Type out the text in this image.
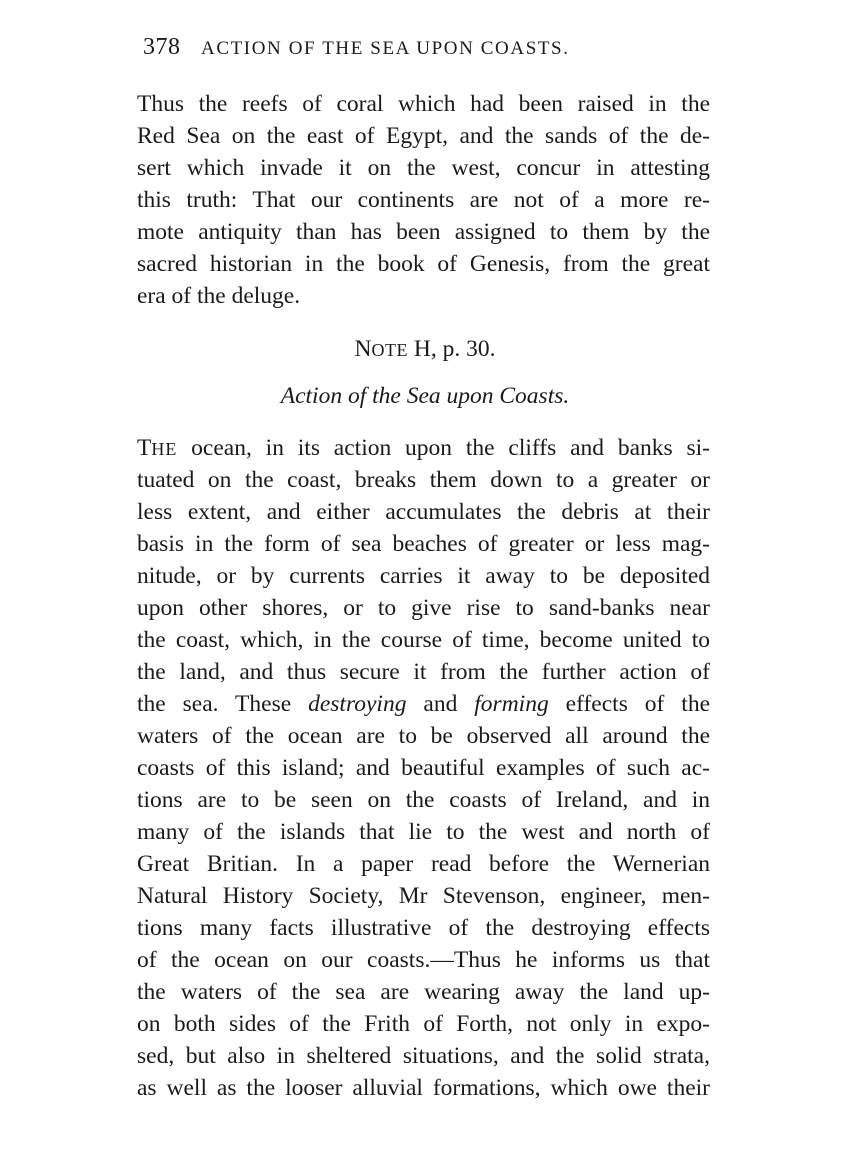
378 ACTION OF THE SEA UPON COASTS.
Thus the reefs of coral which had been raised in the
Red Sea on the east of Egypt, and the sands of the de-
sert which invade it on the west, concur in attesting
this truth: That our continents are not of a more re-
mote antiquity than has been assigned to them by the
sacred historian in the book of Genesis, from the great
era of the deluge.
NOTE H, p. 30.
Action of the Sea upon Coasts.
THE ocean, in its action upon the cliffs and banks si-
tuated on the coast, breaks them down to a greater or
less extent, and either accumulates the debris at their
basis in the form of sea beaches of greater or less mag-
nitude, or by currents carries it away to be deposited
upon other shores, or to give rise to sand-banks near
the coast, which, in the course of time, become united to
the land, and thus secure it from the further action of
the sea. These destroying and forming effects of the
waters of the ocean are to be observed all around the
coasts of this island; and beautiful examples of such ac-
tions are to be seen on the coasts of Ireland, and in
many of the islands that lie to the west and north of
Great Britian. In a paper read before the Wernerian
Natural History Society, Mr Stevenson, engineer, men-
tions many facts illustrative of the destroying effects
of the ocean on our coasts.—Thus he informs us that
the waters of the sea are wearing away the land up-
on both sides of the Frith of Forth, not only in expo-
sed, but also in sheltered situations, and the solid strata,
as well as the looser alluvial formations, which owe their
